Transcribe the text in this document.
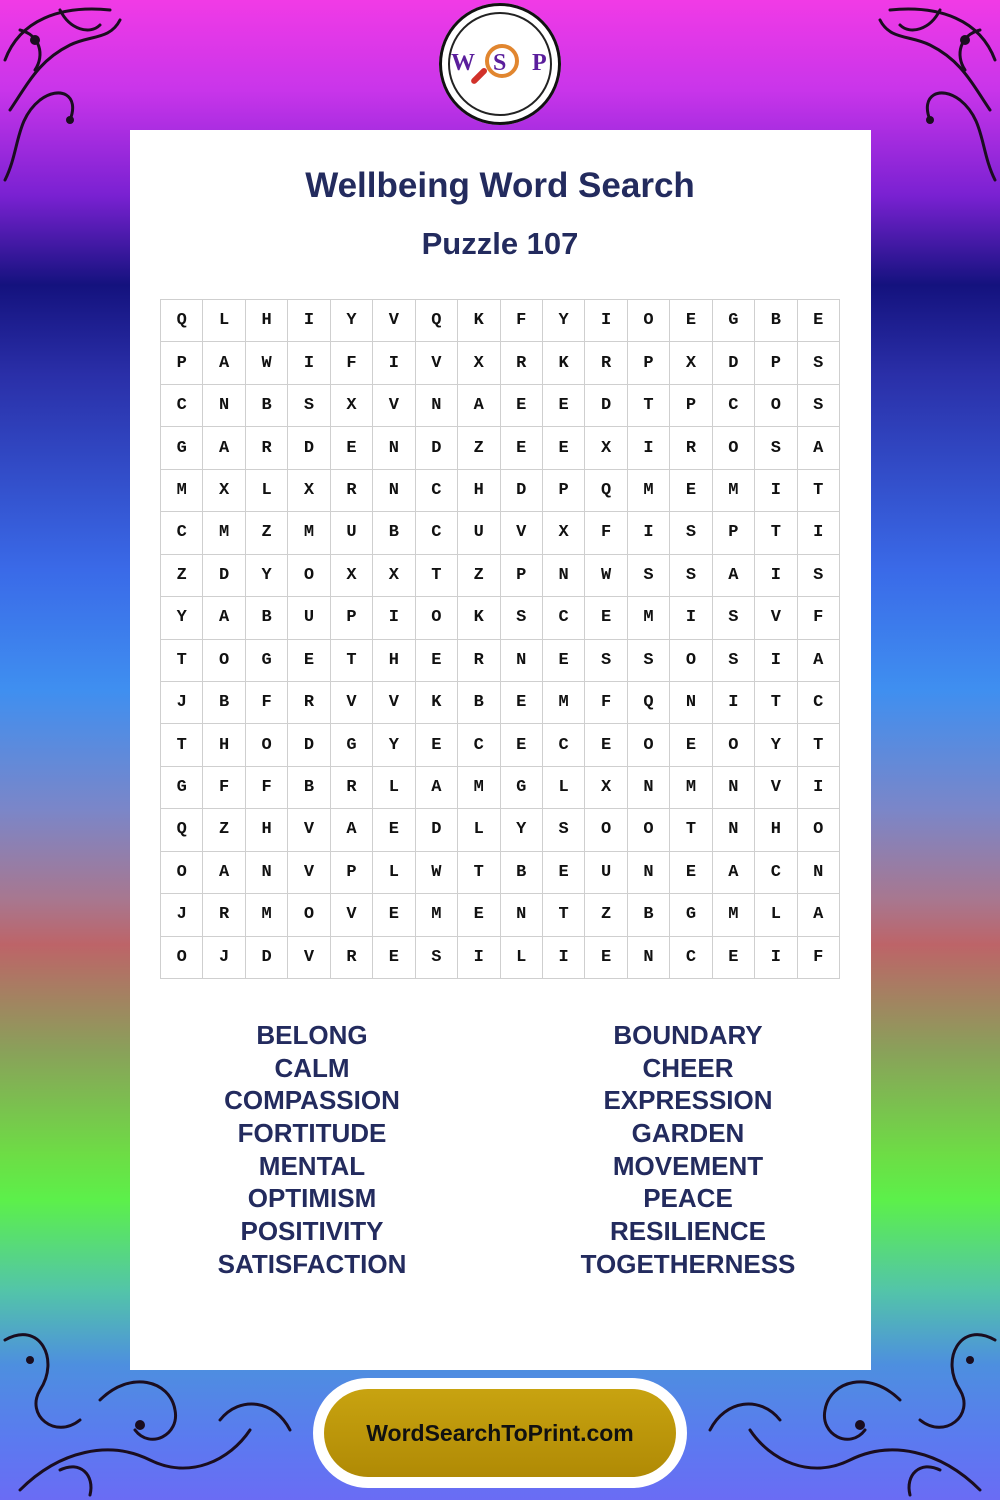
W S P
Wellbeing Word Search
Puzzle 107
Q	L	H	I	Y	V	Q	K	F	Y	I	O	E	G	B	E
P	A	W	I	F	I	V	X	R	K	R	P	X	D	P	S
C	N	B	S	X	V	N	A	E	E	D	T	P	C	O	S
G	A	R	D	E	N	D	Z	E	E	X	I	R	O	S	A
M	X	L	X	R	N	C	H	D	P	Q	M	E	M	I	T
C	M	Z	M	U	B	C	U	V	X	F	I	S	P	T	I
Z	D	Y	O	X	X	T	Z	P	N	W	S	S	A	I	S
Y	A	B	U	P	I	O	K	S	C	E	M	I	S	V	F
T	O	G	E	T	H	E	R	N	E	S	S	O	S	I	A
J	B	F	R	V	V	K	B	E	M	F	Q	N	I	T	C
T	H	O	D	G	Y	E	C	E	C	E	O	E	O	Y	T
G	F	F	B	R	L	A	M	G	L	X	N	M	N	V	I
Q	Z	H	V	A	E	D	L	Y	S	O	O	T	N	H	O
O	A	N	V	P	L	W	T	B	E	U	N	E	A	C	N
J	R	M	O	V	E	M	E	N	T	Z	B	G	M	L	A
O	J	D	V	R	E	S	I	L	I	E	N	C	E	I	F
BELONG
CALM
COMPASSION
FORTITUDE
MENTAL
OPTIMISM
POSITIVITY
SATISFACTION
BOUNDARY
CHEER
EXPRESSION
GARDEN
MOVEMENT
PEACE
RESILIENCE
TOGETHERNESS
WordSearchToPrint.com
